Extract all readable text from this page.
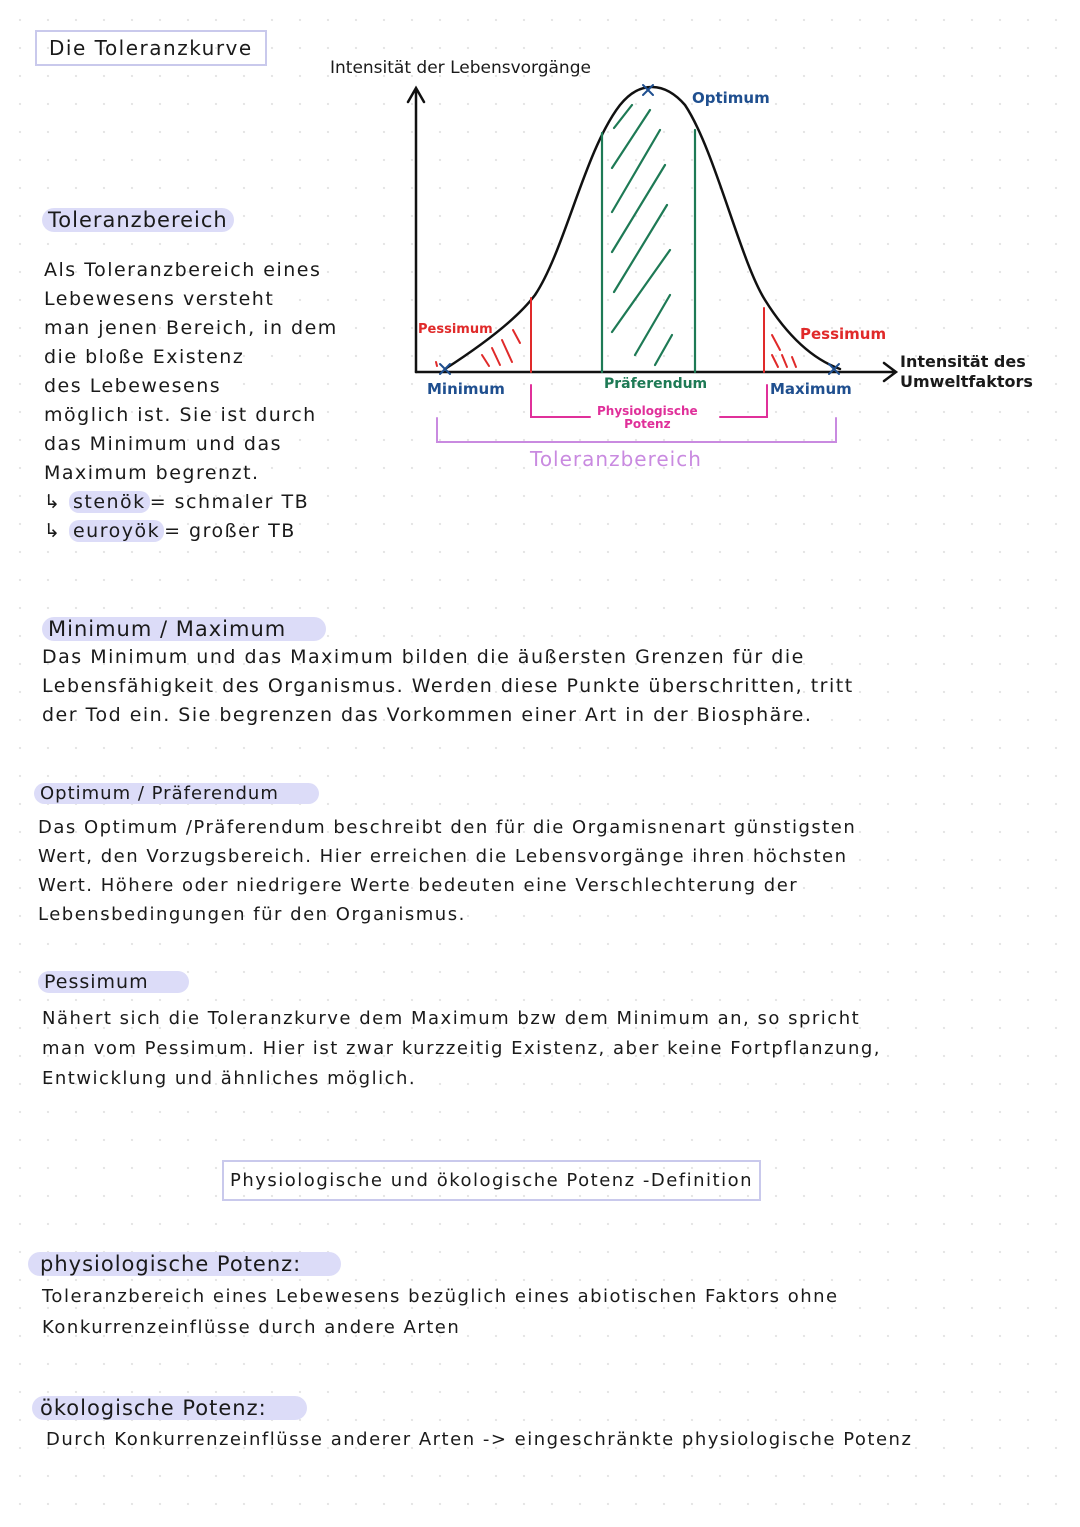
Die Toleranzkurve
Intensität der Lebensvorgänge
Optimum
Pessimum	Pessimum
Intensität des
Umweltfaktors
Minimum	Präferendum	Maximum
Physiologische
Potenz
Toleranzbereich
Toleranzbereich
Als Toleranzbereich eines
Lebewesens versteht
man jenen Bereich, in dem
die bloße Existenz
des Lebewesens
möglich ist. Sie ist durch
das Minimum und das
Maximum begrenzt.
↳ stenök = schmaler TB
↳ euroyök = großer TB
Minimum / Maximum
Das Minimum und das Maximum bilden die äußersten Grenzen für die
Lebensfähigkeit des Organismus. Werden diese Punkte überschritten, tritt
der Tod ein. Sie begrenzen das Vorkommen einer Art in der Biosphäre.
Optimum / Präferendum
Das Optimum /Präferendum beschreibt den für die Orgamisnenart günstigsten
Wert, den Vorzugsbereich. Hier erreichen die Lebensvorgänge ihren höchsten
Wert. Höhere oder niedrigere Werte bedeuten eine Verschlechterung der
Lebensbedingungen für den Organismus.
Pessimum
Nähert sich die Toleranzkurve dem Maximum bzw dem Minimum an, so spricht
man vom Pessimum. Hier ist zwar kurzzeitig Existenz, aber keine Fortpflanzung,
Entwicklung und ähnliches möglich.
Physiologische und ökologische Potenz -Definition
physiologische Potenz:
Toleranzbereich eines Lebewesens bezüglich eines abiotischen Faktors ohne
Konkurrenzeinflüsse durch andere Arten
ökologische Potenz:
Durch Konkurrenzeinflüsse anderer Arten -> eingeschränkte physiologische Potenz
